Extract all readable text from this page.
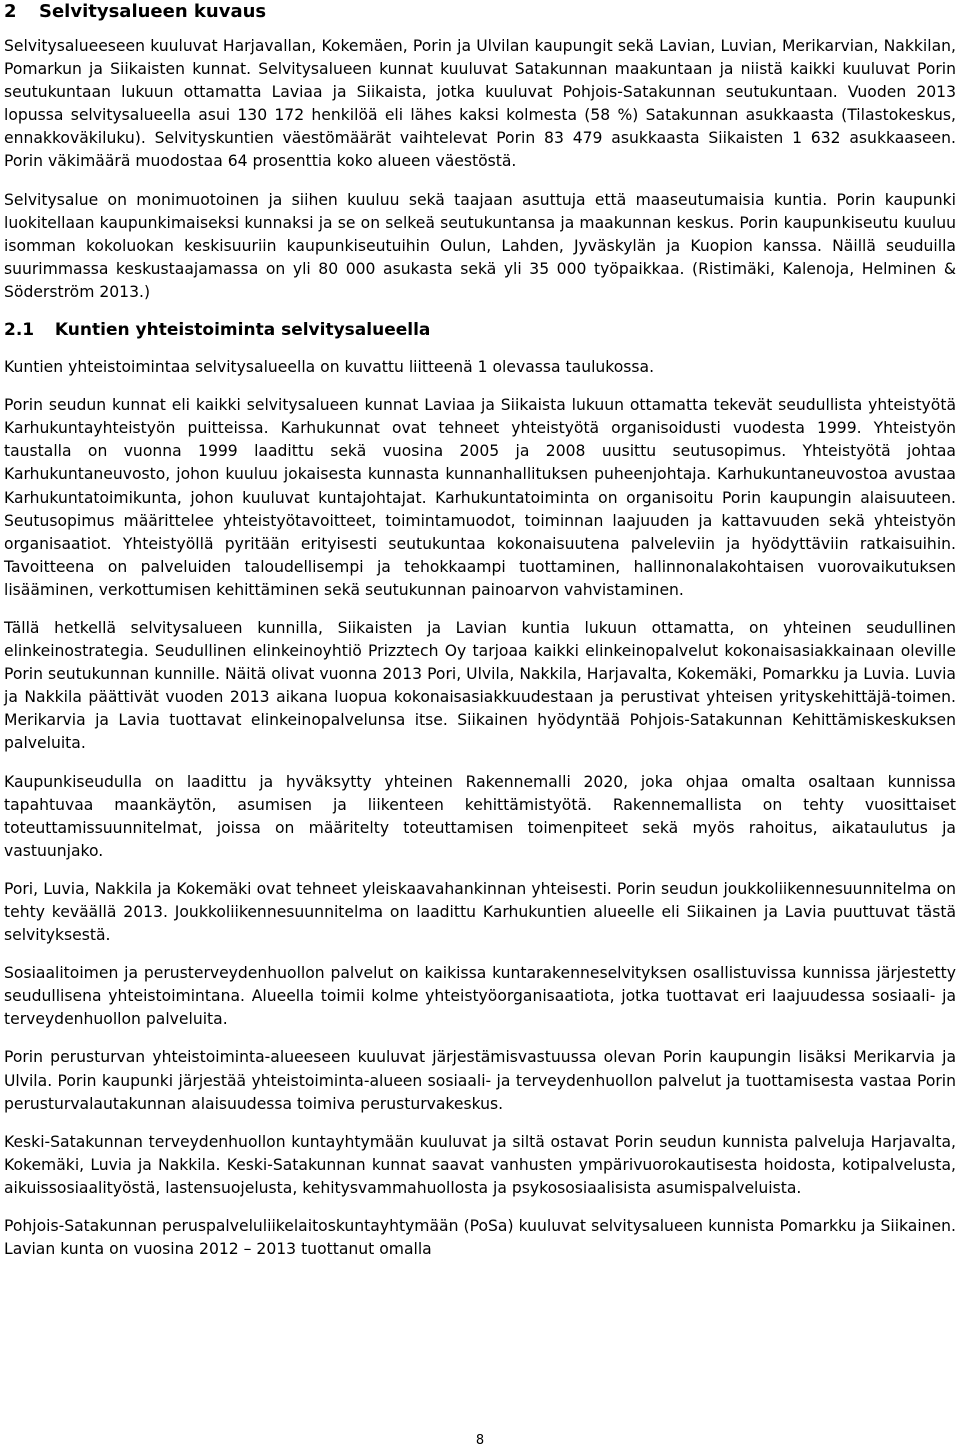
2	Selvitysalueen kuvaus

Selvitysalueeseen kuuluvat Harjavallan, Kokemäen, Porin ja Ulvilan kaupungit sekä Lavian, Luvian, Merikarvian, Nakkilan, Pomarkun ja Siikaisten kunnat. Selvitysalueen kunnat kuuluvat Satakunnan maakuntaan ja niistä kaikki kuuluvat Porin seutukuntaan lukuun ottamatta Laviaa ja Siikaista, jotka kuuluvat Pohjois-Satakunnan seutukuntaan. Vuoden 2013 lopussa selvitysalueella asui 130 172 henkilöä eli lähes kaksi kolmesta (58 %) Satakunnan asukkaasta (Tilastokeskus, ennakkoväkiluku). Selvityskuntien väestömäärät vaihtelevat Porin 83 479 asukkaasta Siikaisten 1 632 asukkaaseen. Porin väkimäärä muodostaa 64 prosenttia koko alueen väestöstä.

Selvitysalue on monimuotoinen ja siihen kuuluu sekä taajaan asuttuja että maaseutumaisia kuntia. Porin kaupunki luokitellaan kaupunkimaiseksi kunnaksi ja se on selkeä seutukuntansa ja maakunnan keskus. Porin kaupunkiseutu kuuluu isomman kokoluokan keskisuuriin kaupunkiseutuihin Oulun, Lahden, Jyväskylän ja Kuopion kanssa. Näillä seuduilla suurimmassa keskustaajamassa on yli 80 000 asukasta sekä yli 35 000 työpaikkaa. (Ristimäki, Kalenoja, Helminen & Söderström 2013.)

2.1 Kuntien yhteistoiminta selvitysalueella

Kuntien yhteistoimintaa selvitysalueella on kuvattu liitteenä 1 olevassa taulukossa.

Porin seudun kunnat eli kaikki selvitysalueen kunnat Laviaa ja Siikaista lukuun ottamatta tekevät seudullista yhteistyötä Karhukuntayhteistyön puitteissa. Karhukunnat ovat tehneet yhteistyötä organisoidusti vuodesta 1999. Yhteistyön taustalla on vuonna 1999 laadittu sekä vuosina 2005 ja 2008 uusittu seutusopimus. Yhteistyötä johtaa Karhukuntaneuvosto, johon kuuluu jokaisesta kunnasta kunnanhallituksen puheenjohtaja. Karhukuntaneuvostoa avustaa Karhukuntatoimikunta, johon kuuluvat kuntajohtajat. Karhukuntatoiminta on organisoitu Porin kaupungin alaisuuteen. Seutusopimus määrittelee yhteistyötavoitteet, toimintamuodot, toiminnan laajuuden ja kattavuuden sekä yhteistyön organisaatiot. Yhteistyöllä pyritään erityisesti seutukuntaa kokonaisuutena palveleviin ja hyödyttäviin ratkaisuihin. Tavoitteena on palveluiden taloudellisempi ja tehokkaampi tuottaminen, hallinnonalakohtaisen vuorovaikutuksen lisääminen, verkottumisen kehittäminen sekä seutukunnan painoarvon vahvistaminen.

Tällä hetkellä selvitysalueen kunnilla, Siikaisten ja Lavian kuntia lukuun ottamatta, on yhteinen seudullinen elinkeinostrategia. Seudullinen elinkeinoyhtiö Prizztech Oy tarjoaa kaikki elinkeinopalvelut kokonaisasiakkainaan oleville Porin seutukunnan kunnille. Näitä olivat vuonna 2013 Pori, Ulvila, Nakkila, Harjavalta, Kokemäki, Pomarkku ja Luvia. Luvia ja Nakkila päättivät vuoden 2013 aikana luopua kokonaisasiakkuudestaan ja perustivat yhteisen yrityskehittäjä-toimen. Merikarvia ja Lavia tuottavat elinkeinopalvelunsa itse. Siikainen hyödyntää Pohjois-Satakunnan Kehittämiskeskuksen palveluita.

Kaupunkiseudulla on laadittu ja hyväksytty yhteinen Rakennemalli 2020, joka ohjaa omalta osaltaan kunnissa tapahtuvaa maankäytön, asumisen ja liikenteen kehittämistyötä. Rakennemallista on tehty vuosittaiset toteuttamissuunnitelmat, joissa on määritelty toteuttamisen toimenpiteet sekä myös rahoitus, aikataulutus ja vastuunjako.

Pori, Luvia, Nakkila ja Kokemäki ovat tehneet yleiskaavahankinnan yhteisesti. Porin seudun joukkoliikennesuunnitelma on tehty keväällä 2013. Joukkoliikennesuunnitelma on laadittu Karhukuntien alueelle eli Siikainen ja Lavia puuttuvat tästä selvityksestä.

Sosiaalitoimen ja perusterveydenhuollon palvelut on kaikissa kuntarakenneselvityksen osallistuvissa kunnissa järjestetty seudullisena yhteistoimintana. Alueella toimii kolme yhteistyöorganisaatiota, jotka tuottavat eri laajuudessa sosiaali- ja terveydenhuollon palveluita.

Porin perusturvan yhteistoiminta-alueeseen kuuluvat järjestämisvastuussa olevan Porin kaupungin lisäksi Merikarvia ja Ulvila. Porin kaupunki järjestää yhteistoiminta-alueen sosiaali- ja terveydenhuollon palvelut ja tuottamisesta vastaa Porin perusturvalautakunnan alaisuudessa toimiva perusturvakeskus.

Keski-Satakunnan terveydenhuollon kuntayhtymään kuuluvat ja siltä ostavat Porin seudun kunnista palveluja Harjavalta, Kokemäki, Luvia ja Nakkila. Keski-Satakunnan kunnat saavat vanhusten ympärivuorokautisesta hoidosta, kotipalvelusta, aikuissosiaalityöstä, lastensuojelusta, kehitysvammahuollosta ja psykososiaalisista asumispalveluista.

Pohjois-Satakunnan peruspalveluliikelaitoskuntayhtymään (PoSa) kuuluvat selvitysalueen kunnista Pomarkku ja Siikainen. Lavian kunta on vuosina 2012 – 2013 tuottanut omalla

8
